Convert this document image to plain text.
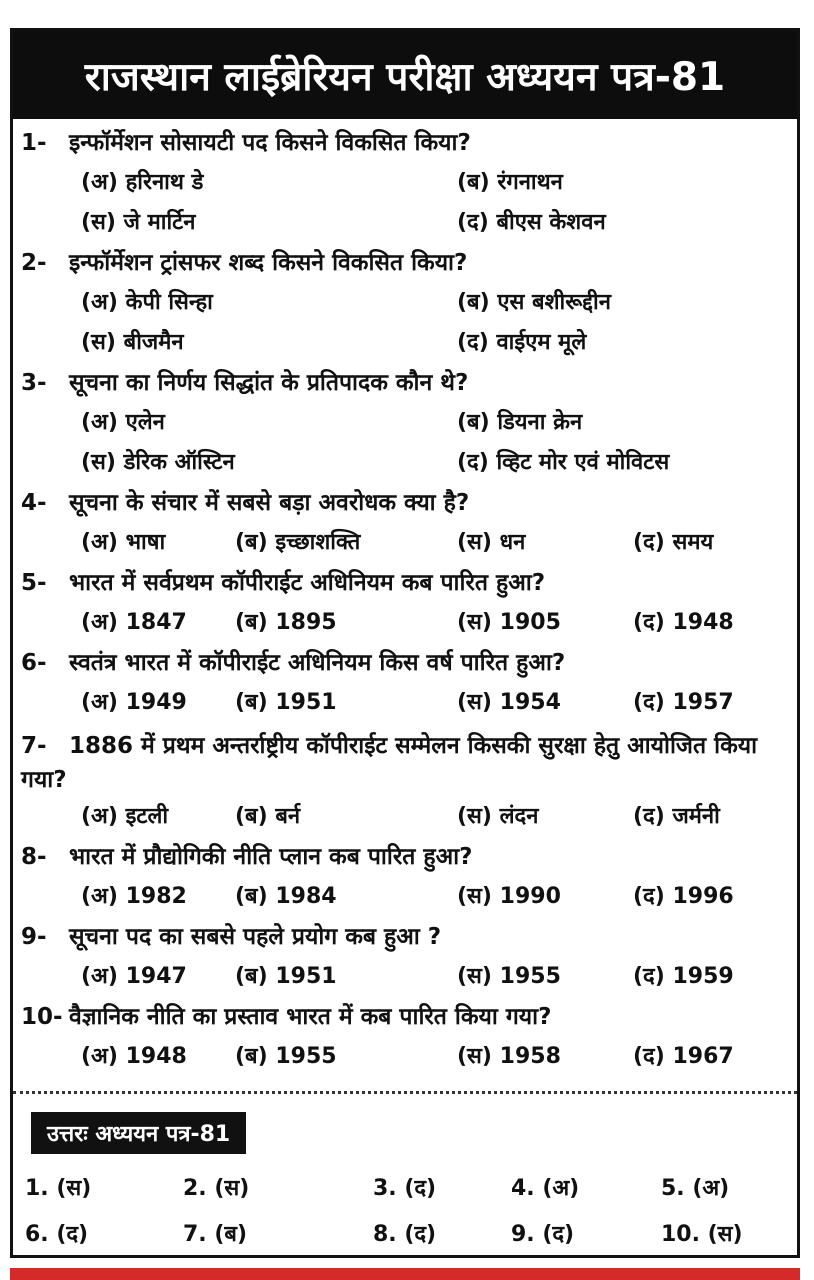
राजस्थान लाईब्रेरियन परीक्षा अध्ययन पत्र-81
1- इन्फॉर्मेशन सोसायटी पद किसने विकसित किया?
(अ) हरिनाथ डे	(ब) रंगनाथन
(स) जे मार्टिन	(द) बीएस केशवन
2- इन्फॉर्मेशन ट्रांसफर शब्द किसने विकसित किया?
(अ) केपी सिन्हा	(ब) एस बशीरूद्दीन
(स) बीजमैन	(द) वाईएम मूले
3- सूचना का निर्णय सिद्धांत के प्रतिपादक कौन थे?
(अ) एलेन	(ब) डियना क्रेन
(स) डेरिक ऑस्टिन	(द) व्हिट मोर एवं मोविटस
4- सूचना के संचार में सबसे बड़ा अवरोधक क्या है?
(अ) भाषा	(ब) इच्छाशक्ति	(स) धन	(द) समय
5- भारत में सर्वप्रथम कॉपीराईट अधिनियम कब पारित हुआ?
(अ) 1847 (ब) 1895	(स) 1905	(द) 1948
6- स्वतंत्र भारत में कॉपीराईट अधिनियम किस वर्ष पारित हुआ?
(अ) 1949 (ब) 1951	(स) 1954	(द) 1957
7- 1886 में प्रथम अन्तर्राष्ट्रीय कॉपीराईट सम्मेलन किसकी सुरक्षा हेतु आयोजित किया गया?
(अ) इटली	(ब) बर्न	(स) लंदन	(द) जर्मनी
8- भारत में प्रौद्योगिकी नीति प्लान कब पारित हुआ?
(अ) 1982 (ब) 1984	(स) 1990	(द) 1996
9- सूचना पद का सबसे पहले प्रयोग कब हुआ ?
(अ) 1947 (ब) 1951	(स) 1955	(द) 1959
10- वैज्ञानिक नीति का प्रस्ताव भारत में कब पारित किया गया?
(अ) 1948 (ब) 1955	(स) 1958	(द) 1967
उत्तरः अध्ययन पत्र-81
1. (स)	2. (स)	3. (द)	4. (अ)	5. (अ)
6. (द)	7. (ब)	8. (द)	9. (द)	10. (स)
